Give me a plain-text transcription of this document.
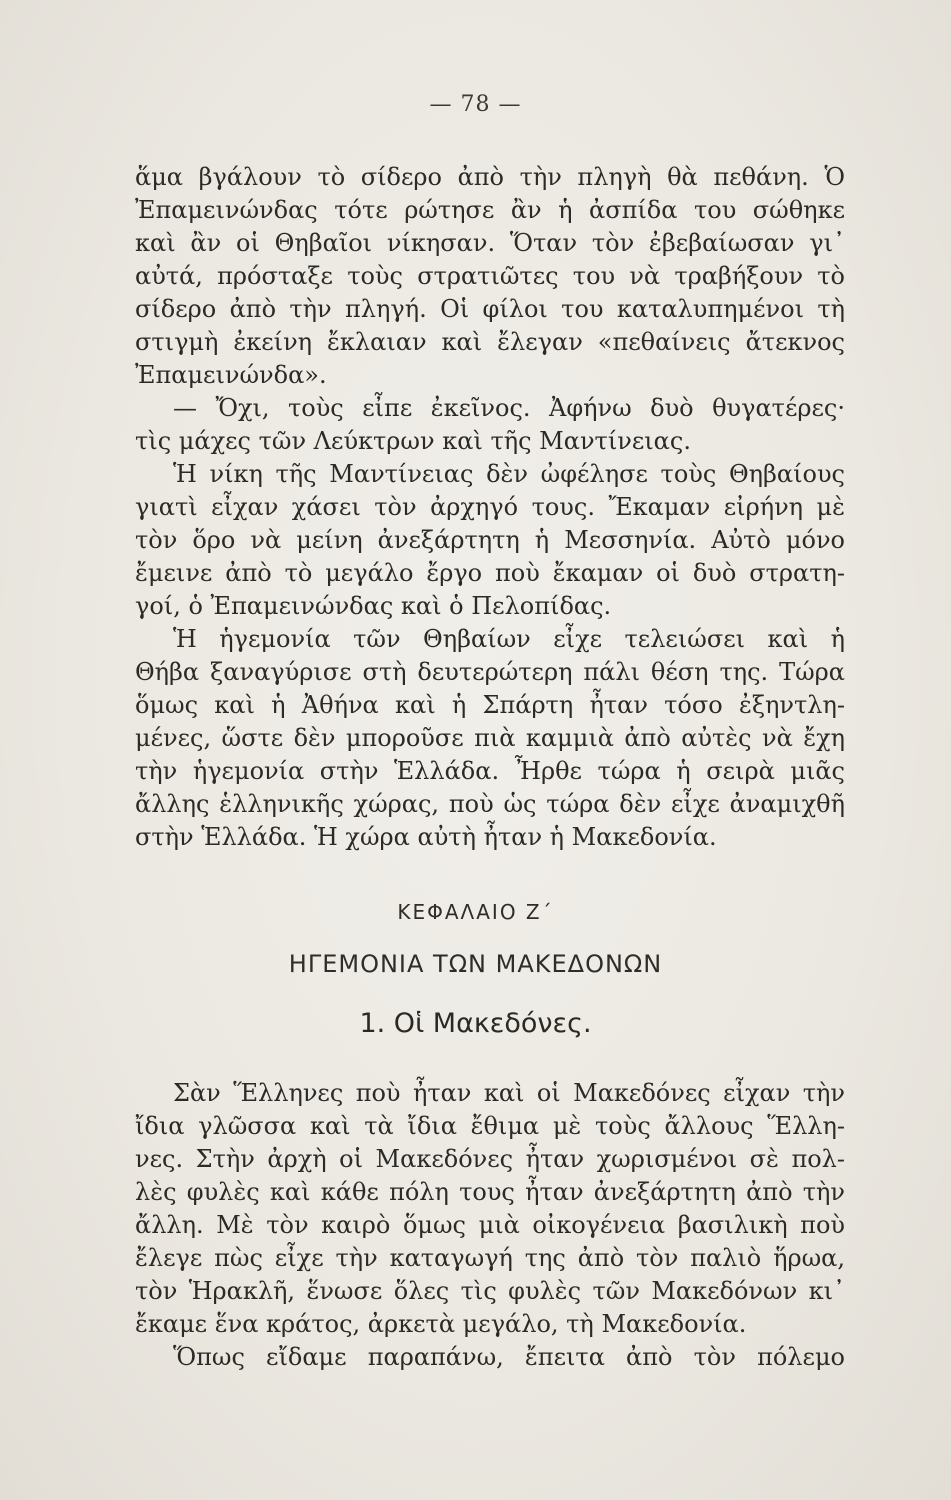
— 78 —
ἅμα βγάλουν τὸ σίδερο ἀπὸ τὴν πληγὴ θὰ πεθάνη. Ὁ
Ἐπαμεινώνδας τότε ρώτησε ἂν ἡ ἀσπίδα του σώθηκε
καὶ ἂν οἱ Θηβαῖοι νίκησαν. Ὅταν τὸν ἐβεβαίωσαν γι᾽
αὐτά, πρόσταξε τοὺς στρατιῶτες του νὰ τραβήξουν τὸ
σίδερο ἀπὸ τὴν πληγή. Οἱ φίλοι του καταλυπημένοι τὴ
στιγμὴ ἐκείνη ἔκλαιαν καὶ ἔλεγαν «πεθαίνεις ἄτεκνος
Ἐπαμεινώνδα».
— Ὄχι, τοὺς εἶπε ἐκεῖνος. Ἀφήνω δυὸ θυγατέρες·
τὶς μάχες τῶν Λεύκτρων καὶ τῆς Μαντίνειας.
Ἡ νίκη τῆς Μαντίνειας δὲν ὠφέλησε τοὺς Θηβαίους
γιατὶ εἶχαν χάσει τὸν ἀρχηγό τους. Ἔκαμαν εἰρήνη μὲ
τὸν ὅρο νὰ μείνη ἀνεξάρτητη ἡ Μεσσηνία. Αὐτὸ μόνο
ἔμεινε ἀπὸ τὸ μεγάλο ἔργο ποὺ ἔκαμαν οἱ δυὸ στρατη-
γοί, ὁ Ἐπαμεινώνδας καὶ ὁ Πελοπίδας.
Ἡ ἡγεμονία τῶν Θηβαίων εἶχε τελειώσει καὶ ἡ
Θήβα ξαναγύρισε στὴ δευτερώτερη πάλι θέση της. Τώρα
ὅμως καὶ ἡ Ἀθήνα καὶ ἡ Σπάρτη ἦταν τόσο ἐξηντλη-
μένες, ὥστε δὲν μποροῦσε πιὰ καμμιὰ ἀπὸ αὐτὲς νὰ ἔχη
τὴν ἡγεμονία στὴν Ἑλλάδα. Ἦρθε τώρα ἡ σειρὰ μιᾶς
ἄλλης ἑλληνικῆς χώρας, ποὺ ὡς τώρα δὲν εἶχε ἀναμιχθῆ
στὴν Ἑλλάδα. Ἡ χώρα αὐτὴ ἦταν ἡ Μακεδονία.
ΚΕΦΑΛΑΙΟ Ζ΄
ΗΓΕΜΟΝΙΑ ΤΩΝ ΜΑΚΕΔΟΝΩΝ
1. Οἱ Μακεδόνες.
Σὰν Ἕλληνες ποὺ ἦταν καὶ οἱ Μακεδόνες εἶχαν τὴν
ἴδια γλῶσσα καὶ τὰ ἴδια ἔθιμα μὲ τοὺς ἄλλους Ἕλλη-
νες. Στὴν ἀρχὴ οἱ Μακεδόνες ἦταν χωρισμένοι σὲ πολ-
λὲς φυλὲς καὶ κάθε πόλη τους ἦταν ἀνεξάρτητη ἀπὸ τὴν
ἄλλη. Μὲ τὸν καιρὸ ὅμως μιὰ οἰκογένεια βασιλικὴ ποὺ
ἔλεγε πὼς εἶχε τὴν καταγωγή της ἀπὸ τὸν παλιὸ ἥρωα,
τὸν Ἡρακλῆ, ἕνωσε ὅλες τὶς φυλὲς τῶν Μακεδόνων κι᾽
ἔκαμε ἕνα κράτος, ἀρκετὰ μεγάλο, τὴ Μακεδονία.
Ὅπως εἴδαμε παραπάνω, ἔπειτα ἀπὸ τὸν πόλεμο
